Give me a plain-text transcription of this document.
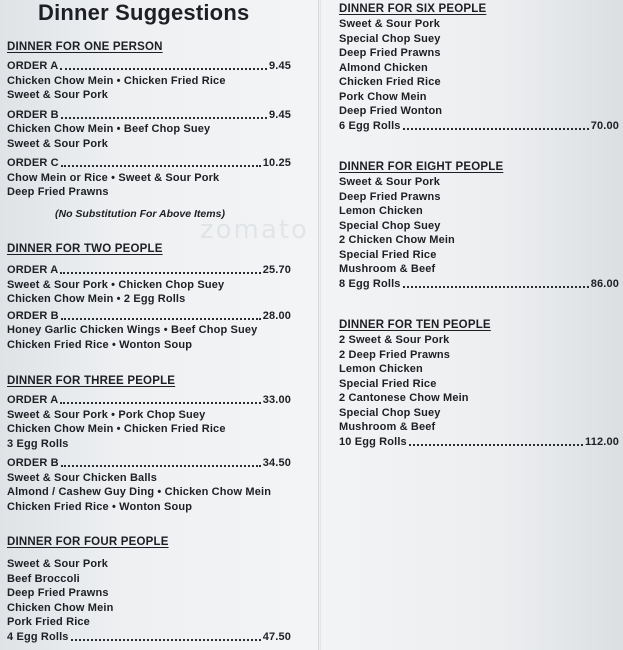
zomato
Dinner Suggestions
DINNER FOR ONE PERSON
ORDER A	9.45
Chicken Chow Mein • Chicken Fried Rice
Sweet & Sour Pork
ORDER B	9.45
Chicken Chow Mein • Beef Chop Suey
Sweet & Sour Pork
ORDER C	10.25
Chow Mein or Rice • Sweet & Sour Pork
Deep Fried Prawns
(No Substitution For Above Items)
DINNER FOR TWO PEOPLE
ORDER A	25.70
Sweet & Sour Pork • Chicken Chop Suey
Chicken Chow Mein • 2 Egg Rolls
ORDER B	28.00
Honey Garlic Chicken Wings • Beef Chop Suey
Chicken Fried Rice • Wonton Soup
DINNER FOR THREE PEOPLE
ORDER A	33.00
Sweet & Sour Pork • Pork Chop Suey
Chicken Chow Mein • Chicken Fried Rice
3 Egg Rolls
ORDER B	34.50
Sweet & Sour Chicken Balls
Almond / Cashew Guy Ding • Chicken Chow Mein
Chicken Fried Rice • Wonton Soup
DINNER FOR FOUR PEOPLE
Sweet & Sour Pork
Beef Broccoli
Deep Fried Prawns
Chicken Chow Mein
Pork Fried Rice
4 Egg Rolls	47.50
DINNER FOR SIX PEOPLE
Sweet & Sour Pork
Special Chop Suey
Deep Fried Prawns
Almond Chicken
Chicken Fried Rice
Pork Chow Mein
Deep Fried Wonton
6 Egg Rolls	70.00
DINNER FOR EIGHT PEOPLE
Sweet & Sour Pork
Deep Fried Prawns
Lemon Chicken
Special Chop Suey
2 Chicken Chow Mein
Special Fried Rice
Mushroom & Beef
8 Egg Rolls	86.00
DINNER FOR TEN PEOPLE
2 Sweet & Sour Pork
2 Deep Fried Prawns
Lemon Chicken
Special Fried Rice
2 Cantonese Chow Mein
Special Chop Suey
Mushroom & Beef
10 Egg Rolls	112.00
